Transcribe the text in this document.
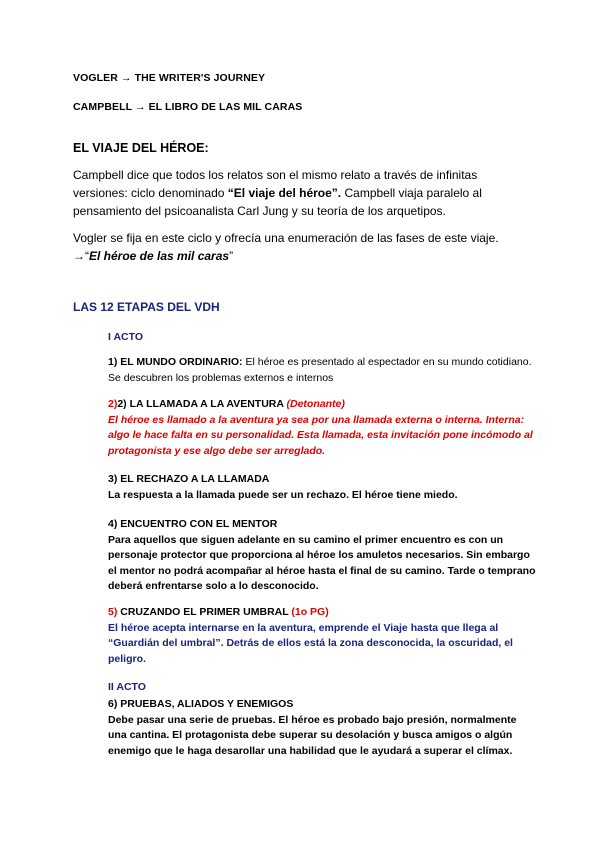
VOGLER → THE WRITER'S JOURNEY
CAMPBELL → EL LIBRO DE LAS MIL CARAS
EL VIAJE DEL HÉROE:

Campbell dice que todos los relatos son el mismo relato a través de infinitas versiones: ciclo denominado “El viaje del héroe”. Campbell viaja paralelo al pensamiento del psicoanalista Carl Jung y su teoría de los arquetipos.

Vogler se fija en este ciclo y ofrecía una enumeración de las fases de este viaje. →“El héroe de las mil caras”

LAS 12 ETAPAS DEL VDH
I ACTO

1) EL MUNDO ORDINARIO: El héroe es presentado al espectador en su mundo cotidiano. Se descubren los problemas externos e internos

2)2) LA LLAMADA A LA AVENTURA (Detonante)
El héroe es llamado a la aventura ya sea por una llamada externa o interna. Interna: algo le hace falta en su personalidad. Esta llamada, esta invitación pone incómodo al protagonista y ese algo debe ser arreglado.
3) EL RECHAZO A LA LLAMADA
La respuesta a la llamada puede ser un rechazo. El héroe tiene miedo.
4) ENCUENTRO CON EL MENTOR
Para aquellos que siguen adelante en su camino el primer encuentro es con un personaje protector que proporciona al héroe los amuletos necesarios. Sin embargo el mentor no podrá acompañar al héroe hasta el final de su camino. Tarde o temprano deberá enfrentarse solo a lo desconocido.
5) CRUZANDO EL PRIMER UMBRAL (1o PG)
El héroe acepta internarse en la aventura, emprende el Viaje hasta que llega al “Guardián del umbral”. Detrás de ellos está la zona desconocida, la oscuridad, el peligro.
II ACTO
6) PRUEBAS, ALIADOS Y ENEMIGOS
Debe pasar una serie de pruebas. El héroe es probado bajo presión, normalmente una cantina. El protagonista debe superar su desolación y busca amigos o algún enemigo que le haga desarollar una habilidad que le ayudará a superar el clímax.
